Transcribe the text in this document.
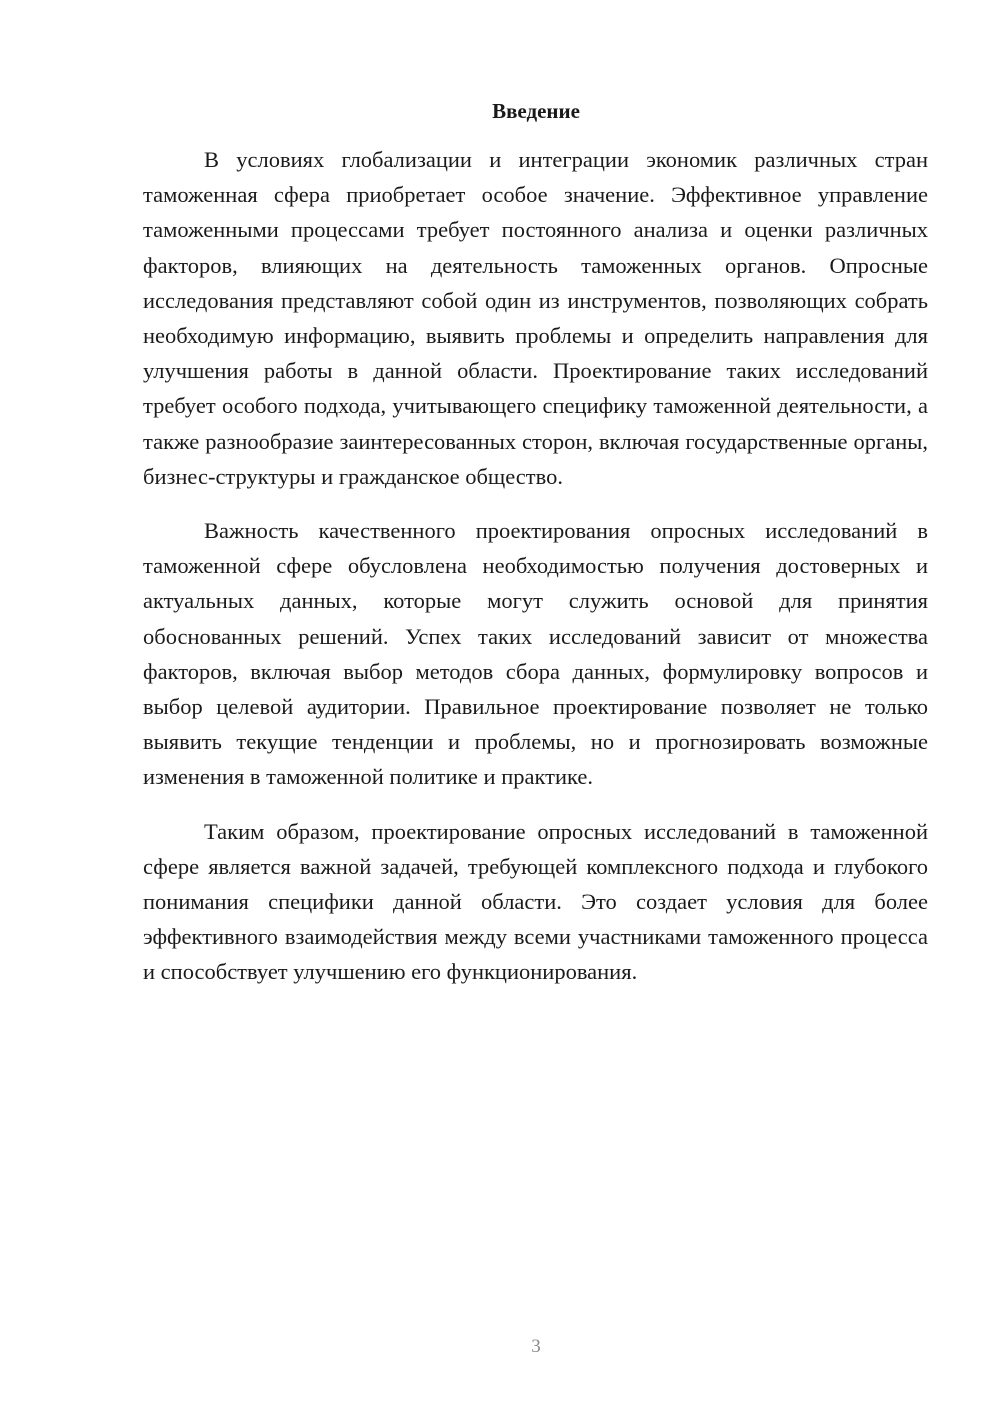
Введение

В условиях глобализации и интеграции экономик различных стран таможенная сфера приобретает особое значение. Эффективное управление таможенными процессами требует постоянного анализа и оценки различных факторов, влияющих на деятельность таможенных органов. Опросные исследования представляют собой один из инструментов, позволяющих собрать необходимую информацию, выявить проблемы и определить направления для улучшения работы в данной области. Проектирование таких исследований требует особого подхода, учитывающего специфику таможенной деятельности, а также разнообразие заинтересованных сторон, включая государственные органы, бизнес-структуры и гражданское общество.

Важность качественного проектирования опросных исследований в таможенной сфере обусловлена необходимостью получения достоверных и актуальных данных, которые могут служить основой для принятия обоснованных решений. Успех таких исследований зависит от множества факторов, включая выбор методов сбора данных, формулировку вопросов и выбор целевой аудитории. Правильное проектирование позволяет не только выявить текущие тенденции и проблемы, но и прогнозировать возможные изменения в таможенной политике и практике.

Таким образом, проектирование опросных исследований в таможенной сфере является важной задачей, требующей комплексного подхода и глубокого понимания специфики данной области. Это создает условия для более эффективного взаимодействия между всеми участниками таможенного процесса и способствует улучшению его функционирования.

3
